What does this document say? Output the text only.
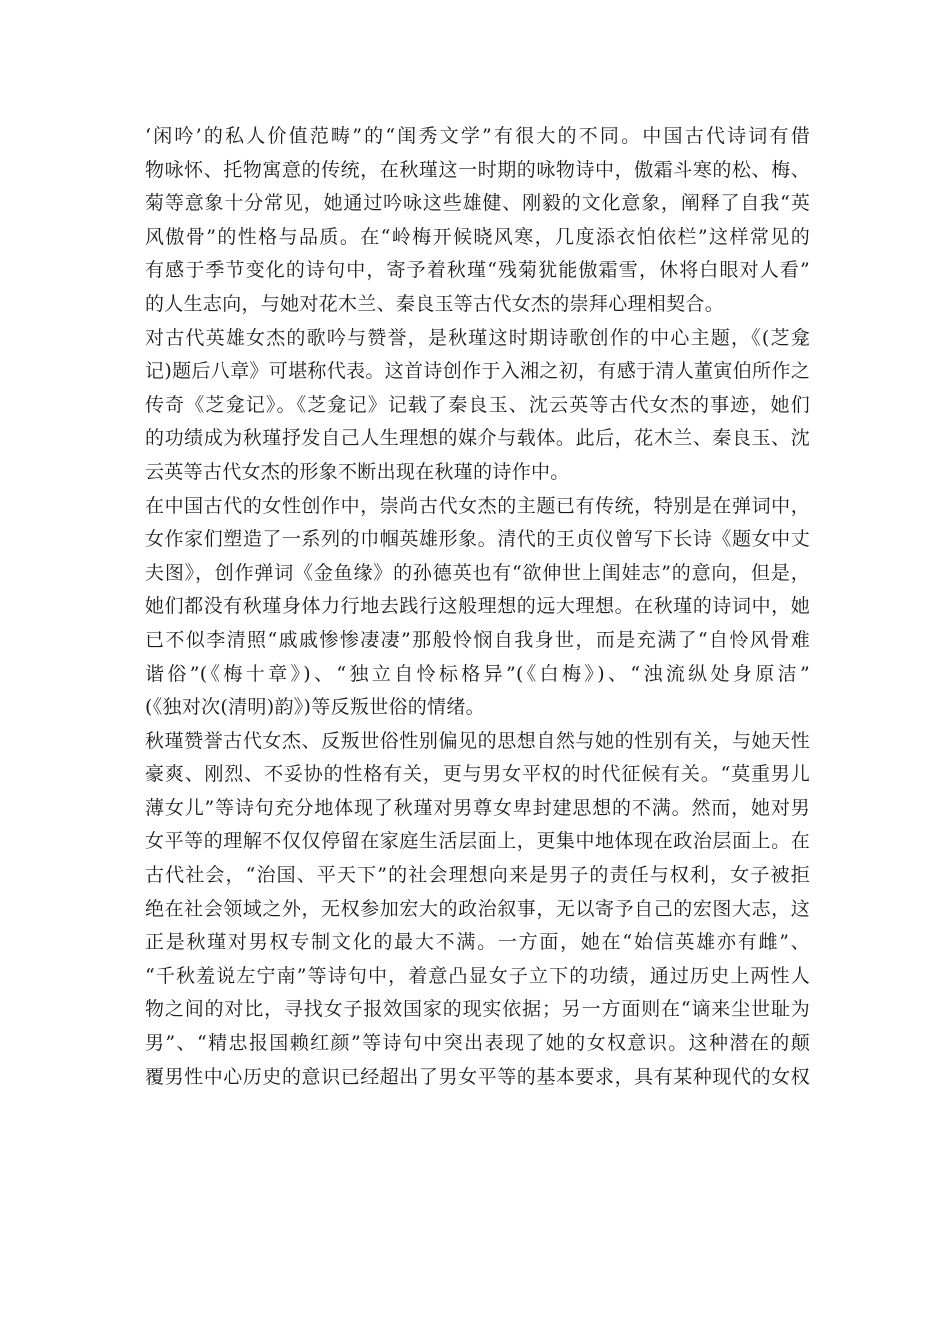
‘闲吟’的私人价值范畴”的“闺秀文学”有很大的不同。中国古代诗词有借
物咏怀、托物寓意的传统，在秋瑾这一时期的咏物诗中，傲霜斗寒的松、梅、
菊等意象十分常见，她通过吟咏这些雄健、刚毅的文化意象，阐释了自我“英
风傲骨”的性格与品质。在“岭梅开候晓风寒，几度添衣怕依栏”这样常见的
有感于季节变化的诗句中，寄予着秋瑾“残菊犹能傲霜雪，休将白眼对人看”
的人生志向，与她对花木兰、秦良玉等古代女杰的崇拜心理相契合。
对古代英雄女杰的歌吟与赞誉，是秋瑾这时期诗歌创作的中心主题，《(芝龛
记)题后八章》可堪称代表。这首诗创作于入湘之初，有感于清人董寅伯所作之
传奇《芝龛记》。《芝龛记》记载了秦良玉、沈云英等古代女杰的事迹，她们
的功绩成为秋瑾抒发自己人生理想的媒介与载体。此后，花木兰、秦良玉、沈
云英等古代女杰的形象不断出现在秋瑾的诗作中。
在中国古代的女性创作中，崇尚古代女杰的主题已有传统，特别是在弹词中，
女作家们塑造了一系列的巾帼英雄形象。清代的王贞仪曾写下长诗《题女中丈
夫图》，创作弹词《金鱼缘》的孙德英也有“欲伸世上闺娃志”的意向，但是，
她们都没有秋瑾身体力行地去践行这般理想的远大理想。在秋瑾的诗词中，她
已不似李清照“戚戚惨惨凄凄”那般怜悯自我身世，而是充满了“自怜风骨难
谐俗”(《梅十章》)、“独立自怜标格异”(《白梅》)、“浊流纵处身原洁”
(《独对次(清明)韵》)等反叛世俗的情绪。
秋瑾赞誉古代女杰、反叛世俗性别偏见的思想自然与她的性别有关，与她天性
豪爽、刚烈、不妥协的性格有关，更与男女平权的时代征候有关。“莫重男儿
薄女儿”等诗句充分地体现了秋瑾对男尊女卑封建思想的不满。然而，她对男
女平等的理解不仅仅停留在家庭生活层面上，更集中地体现在政治层面上。在
古代社会，“治国、平天下”的社会理想向来是男子的责任与权利，女子被拒
绝在社会领域之外，无权参加宏大的政治叙事，无以寄予自己的宏图大志，这
正是秋瑾对男权专制文化的最大不满。一方面，她在“始信英雄亦有雌”、
“千秋羞说左宁南”等诗句中，着意凸显女子立下的功绩，通过历史上两性人
物之间的对比，寻找女子报效国家的现实依据；另一方面则在“谪来尘世耻为
男”、“精忠报国赖红颜”等诗句中突出表现了她的女权意识。这种潜在的颠
覆男性中心历史的意识已经超出了男女平等的基本要求，具有某种现代的女权
